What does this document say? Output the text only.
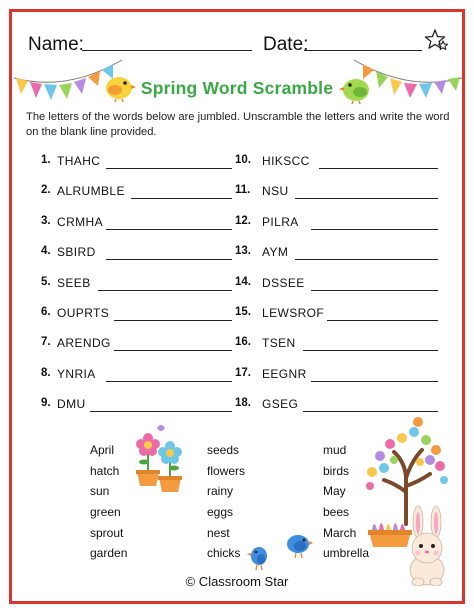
Name:	Date:
Spring Word Scramble
The letters of the words below are jumbled. Unscramble the letters and write the word on the blank line provided.
1. THAHC
2. ALRUMBLE
3. CRMHA
4. SBIRD
5. SEEB
6. OUPRTS
7. ARENDG
8. YNRIA
9. DMU
10. HIKSCC
11. NSU
12. PILRA
13. AYM
14. DSSEE
15. LEWSROF
16. TSEN
17. EEGNR
18. GSEG
April
hatch
sun
green
sprout
garden
seeds
flowers
rainy
eggs
nest
chicks
mud
birds
May
bees
March
umbrella
© Classroom Star
